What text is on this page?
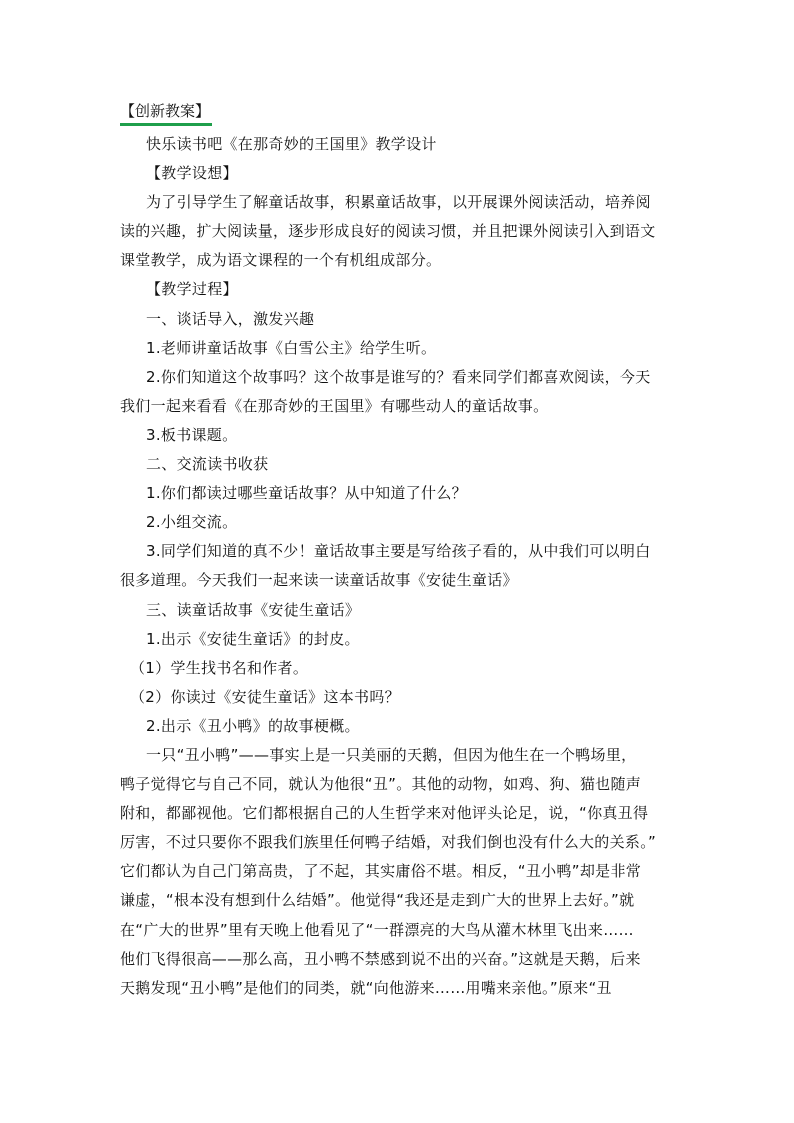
【创新教案】
快乐读书吧《在那奇妙的王国里》教学设计
【教学设想】
为了引导学生了解童话故事，积累童话故事，以开展课外阅读活动，培养阅
读的兴趣，扩大阅读量，逐步形成良好的阅读习惯，并且把课外阅读引入到语文
课堂教学，成为语文课程的一个有机组成部分。
【教学过程】
一、谈话导入，激发兴趣
1.老师讲童话故事《白雪公主》给学生听。
2.你们知道这个故事吗？这个故事是谁写的？看来同学们都喜欢阅读，今天
我们一起来看看《在那奇妙的王国里》有哪些动人的童话故事。
3.板书课题。
二、交流读书收获
1.你们都读过哪些童话故事？从中知道了什么？
2.小组交流。
3.同学们知道的真不少！童话故事主要是写给孩子看的，从中我们可以明白
很多道理。今天我们一起来读一读童话故事《安徒生童话》
三、读童话故事《安徒生童话》
1.出示《安徒生童话》的封皮。
（1）学生找书名和作者。
（2）你读过《安徒生童话》这本书吗？
2.出示《丑小鸭》的故事梗概。
一只“丑小鸭”——事实上是一只美丽的天鹅，但因为他生在一个鸭场里，
鸭子觉得它与自己不同，就认为他很“丑”。其他的动物，如鸡、狗、猫也随声
附和，都鄙视他。它们都根据自己的人生哲学来对他评头论足，说，“你真丑得
厉害，不过只要你不跟我们族里任何鸭子结婚，对我们倒也没有什么大的关系。”
它们都认为自己门第高贵，了不起，其实庸俗不堪。相反，“丑小鸭”却是非常
谦虚，“根本没有想到什么结婚”。他觉得“我还是走到广大的世界上去好。”就
在“广大的世界”里有天晚上他看见了“一群漂亮的大鸟从灌木林里飞出来……
他们飞得很高——那么高，丑小鸭不禁感到说不出的兴奋。”这就是天鹅，后来
天鹅发现“丑小鸭”是他们的同类，就“向他游来……用嘴来亲他。”原来“丑
